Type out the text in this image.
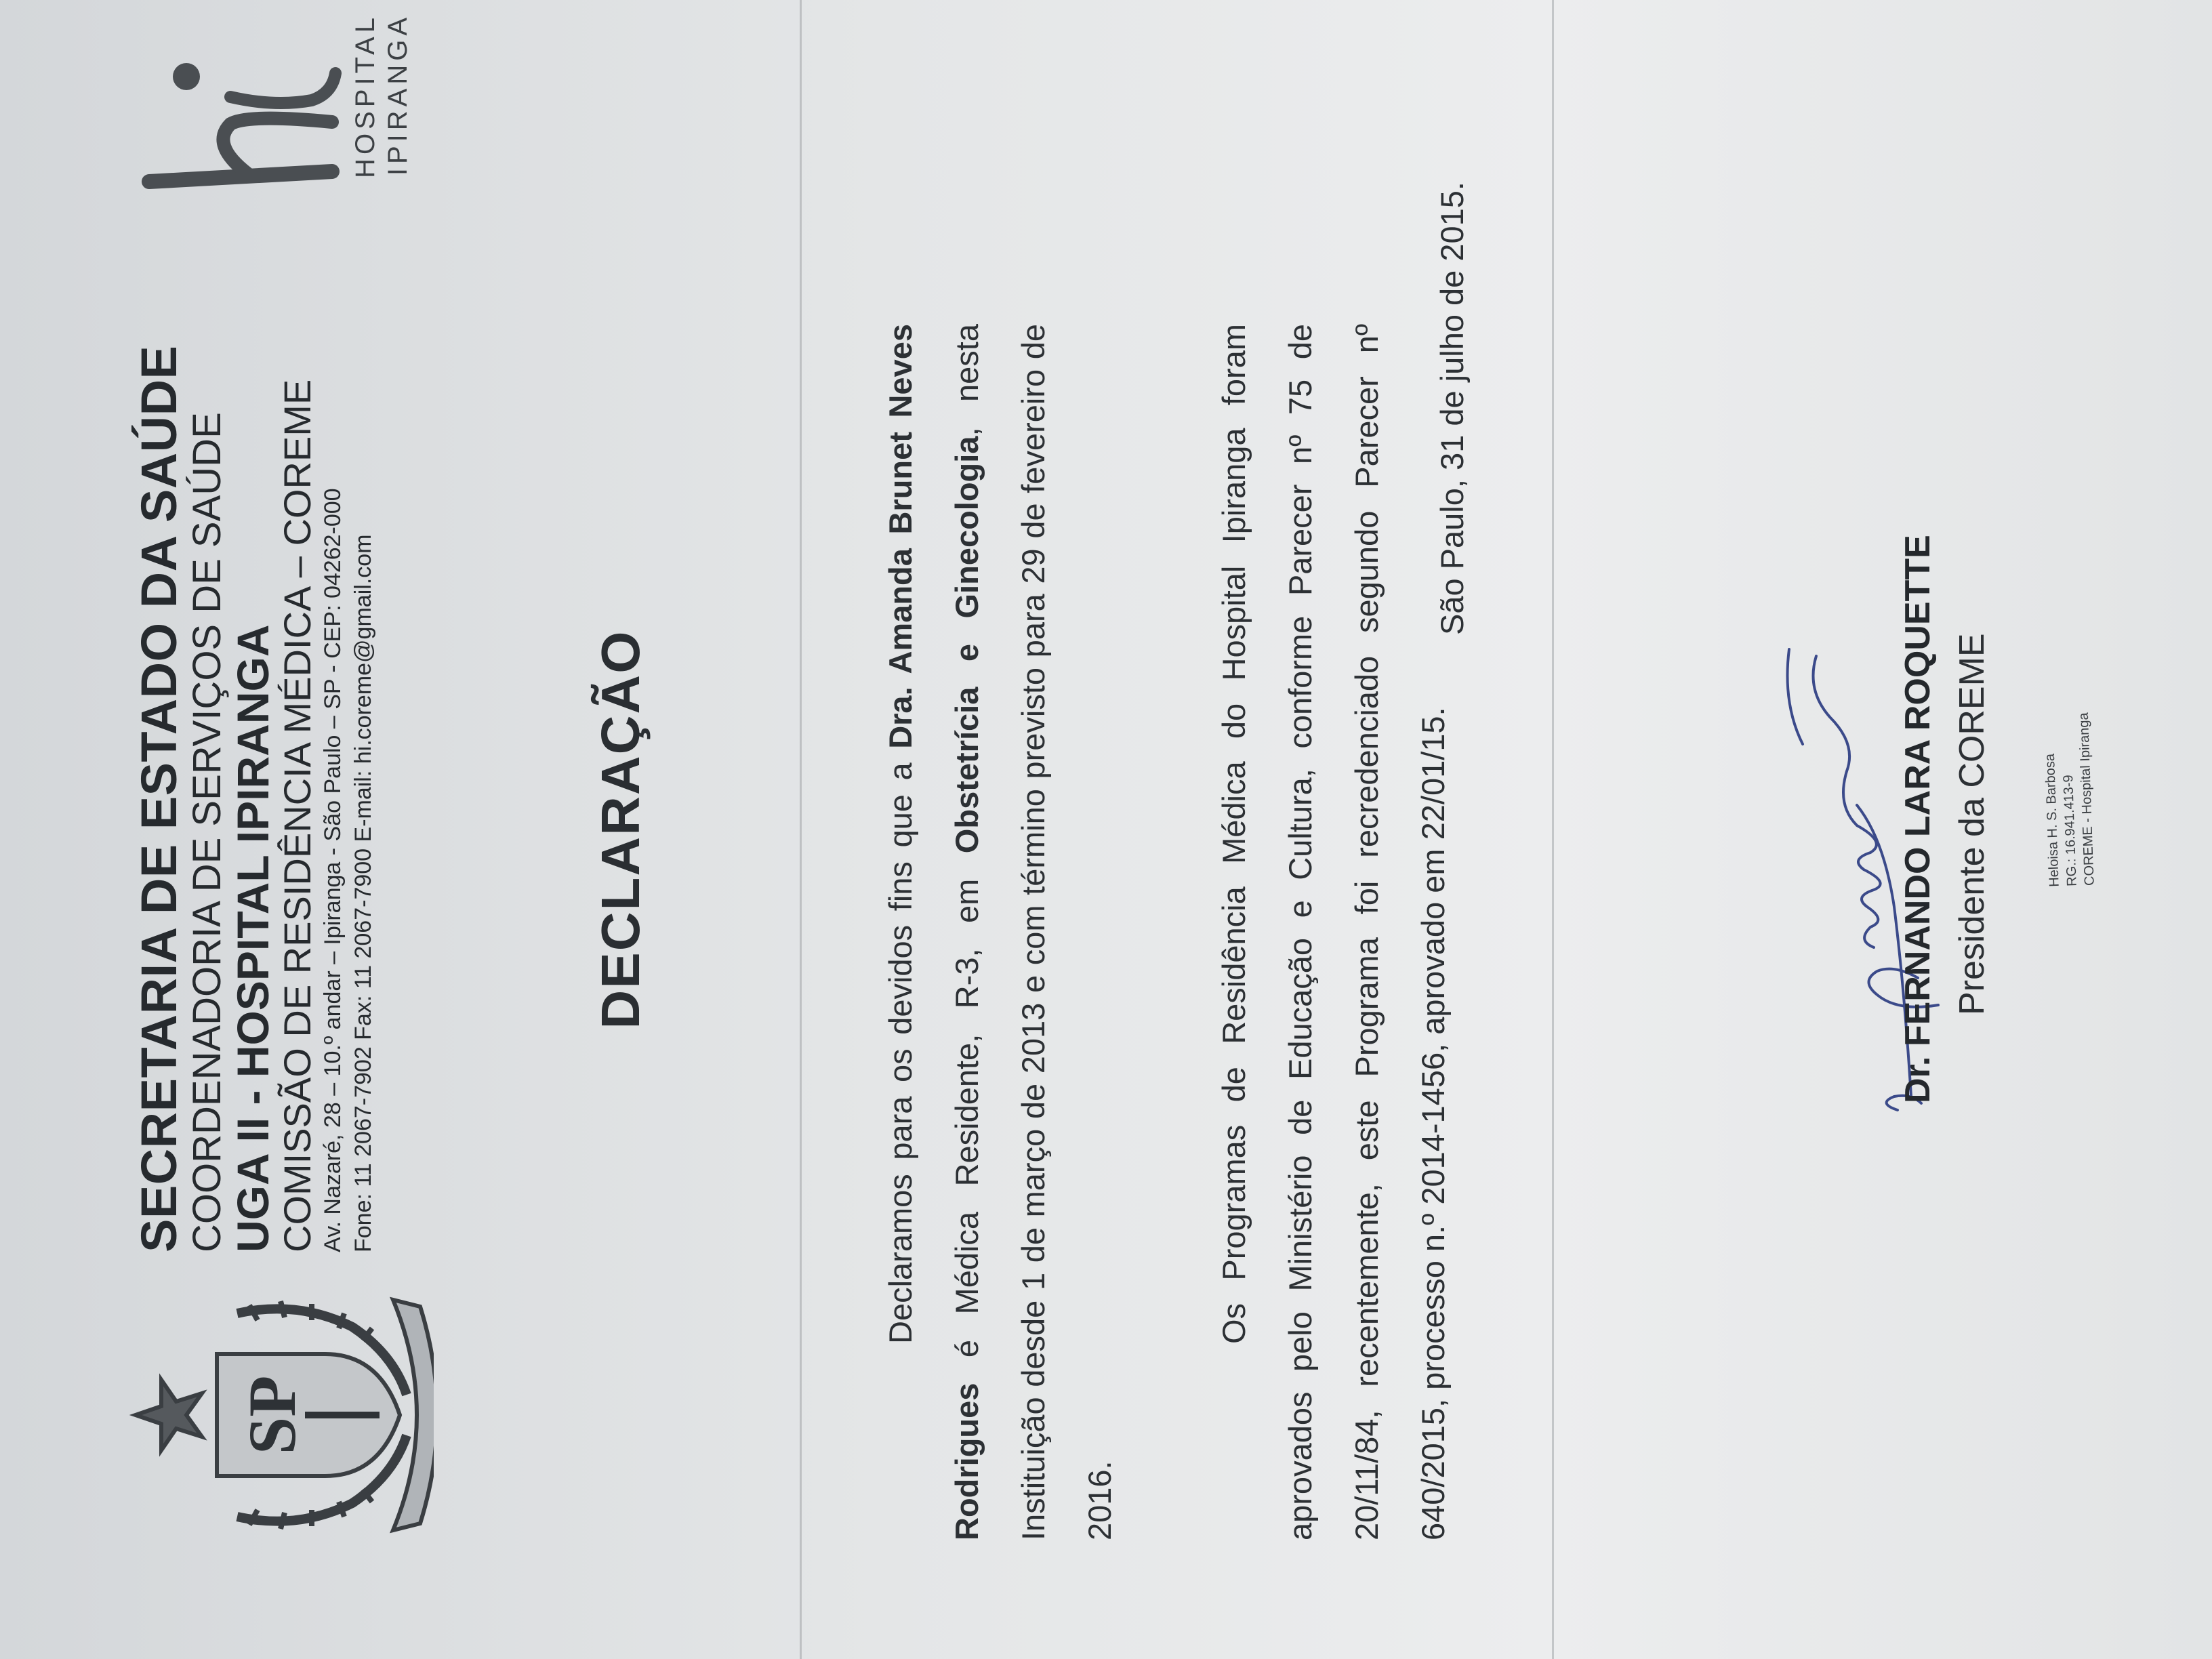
SP
SECRETARIA DE ESTADO DA SAÚDE
COORDENADORIA DE SERVIÇOS DE SAÚDE
UGA II - HOSPITAL IPIRANGA
COMISSÃO DE RESIDÊNCIA MÉDICA – COREME Av. Nazaré, 28 – 10.º andar – Ipiranga - São Paulo – SP - CEP: 04262-000 Fone: 11 2067-7902 Fax: 11 2067-7900 E-mail: hi.coreme@gmail.com
HOSPITAL IPIRANGA
DECLARAÇÃO	Declaramos para os devidos fins que a Dra. Amanda Brunet Neves Rodrigues é Médica Residente, R-3, em Obstetrícia e Ginecologia, nesta Instituição desde 1 de março de 2013 e com término previsto para 29 de fevereiro de 2016.

Os Programas de Residência Médica do Hospital Ipiranga foram aprovados pelo Ministério de Educação e Cultura, conforme Parecer nº 75 de 20/11/84, recentemente, este Programa foi recredenciado segundo Parecer nº 640/2015, processo n.º 2014-1456, aprovado em 22/01/15.

São Paulo, 31 de julho de 2015.
Dr. FERNANDO LARA ROQUETTE Presidente da COREME	Heloisa H. S. Barbosa
RG.: 16.941.413-9
COREME - Hospital Ipiranga
